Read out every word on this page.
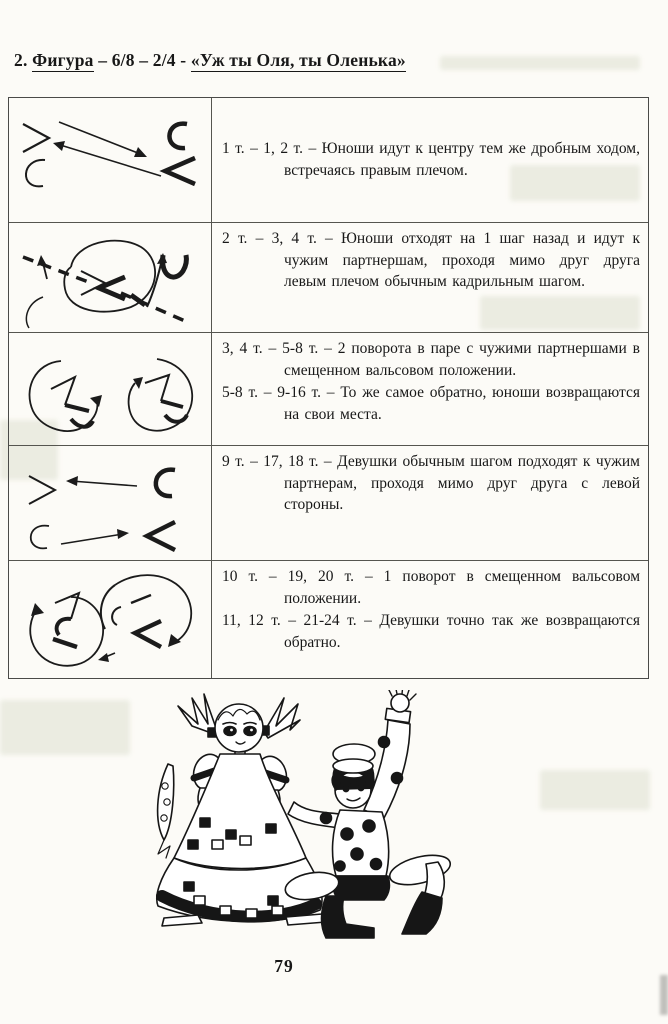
2. Фигура – 6/8 – 2/4 - «Уж ты Оля, ты Оленька»

1 т. – 1, 2 т. – Юноши идут к центру тем же дробным ходом, встречаясь правым плечом.

2 т. – 3, 4 т. – Юноши отходят на 1 шаг назад и идут к чужим партнершам, проходя мимо друг друга левым плечом обычным кадрильным шагом.

3, 4 т. – 5-8 т. – 2 поворота в паре с чужими партнершами в смещенном вальсовом положении.

5-8 т. – 9-16 т. – То же самое обратно, юноши возвращаются на свои места.

9 т. – 17, 18 т. – Девушки обычным шагом подходят к чужим партнерам, проходя мимо друг друга с левой стороны.

10 т. – 19, 20 т. – 1 поворот в смещенном вальсовом положении.

11, 12 т. – 21-24 т. – Девушки точно так же возвращаются обратно.

79
